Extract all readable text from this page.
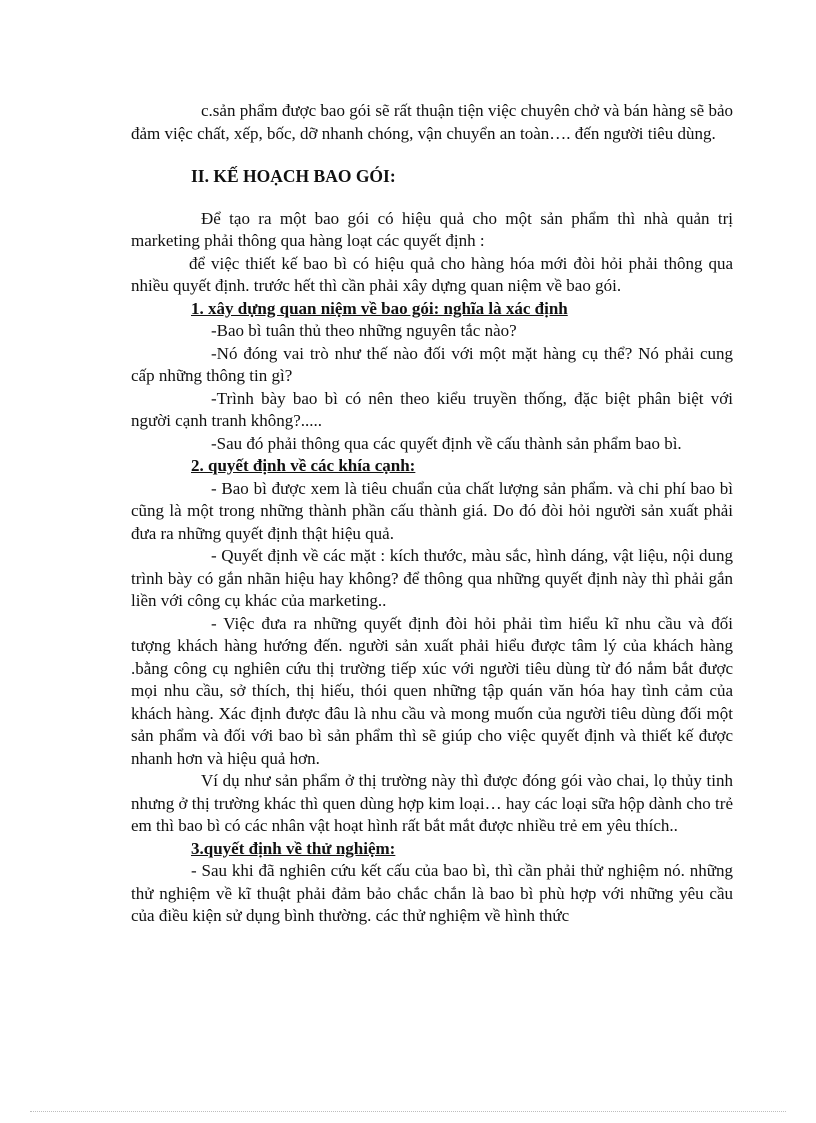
c.sản phẩm được bao gói sẽ rất thuận tiện việc chuyên chở và bán hàng sẽ bảo đảm việc chất, xếp, bốc, dỡ nhanh chóng, vận chuyển an toàn…. đến người tiêu dùng.

II. KẾ HOẠCH BAO GÓI:

Để tạo ra một bao gói có hiệu quả cho một sản phẩm thì nhà quản trị marketing phải thông qua hàng loạt các quyết định :

để việc thiết kế bao bì có hiệu quả cho hàng hóa mới đòi hỏi phải thông qua nhiều quyết định. trước hết thì cần phải xây dựng quan niệm về bao gói.

1. xây dựng quan niệm về bao gói: nghĩa là xác định

-Bao bì tuân thủ theo những nguyên tắc nào?

-Nó đóng vai trò như thế nào đối với một mặt hàng cụ thể? Nó phải cung cấp những thông tin gì?

-Trình bày bao bì có nên theo kiểu truyền thống, đặc biệt phân biệt với người cạnh tranh không?.....

-Sau đó phải thông qua các quyết định về cấu thành sản phẩm bao bì.

2. quyết định về các khía cạnh:

- Bao bì được xem là tiêu chuẩn của chất lượng sản phẩm. và chi phí bao bì cũng là một trong những thành phần cấu thành giá. Do đó đòi hỏi người sản xuất phải đưa ra những quyết định thật hiệu quả.

- Quyết định về các mặt : kích thước, màu sắc, hình dáng, vật liệu, nội dung trình bày có gắn nhãn hiệu hay không? để thông qua những quyết định này thì phải gắn liền với công cụ khác của marketing..

- Việc đưa ra những quyết định đòi hỏi phải tìm hiểu kĩ nhu cầu và đối tượng khách hàng hướng đến. người sản xuất phải hiểu được tâm lý của khách hàng .bằng công cụ nghiên cứu thị trường tiếp xúc với người tiêu dùng từ đó nắm bắt được mọi nhu cầu, sở thích, thị hiếu, thói quen những tập quán văn hóa hay tình cảm của khách hàng. Xác định được đâu là nhu cầu và mong muốn của người tiêu dùng đối một sản phẩm và đối với bao bì sản phẩm thì sẽ giúp cho việc quyết định và thiết kế được nhanh hơn và hiệu quả hơn.

Ví dụ như sản phẩm ở thị trường này thì được đóng gói vào chai, lọ thủy tinh nhưng ở thị trường khác thì quen dùng hợp kim loại… hay các loại sữa hộp dành cho trẻ em thì bao bì có các nhân vật hoạt hình rất bắt mắt được nhiều trẻ em yêu thích..

3.quyết định về thử nghiệm:

- Sau khi đã nghiên cứu kết cấu của bao bì, thì cần phải thử nghiệm nó. những thử nghiệm về kĩ thuật phải đảm bảo chắc chắn là bao bì phù hợp với những yêu cầu của điều kiện sử dụng bình thường. các thử nghiệm về hình thức
